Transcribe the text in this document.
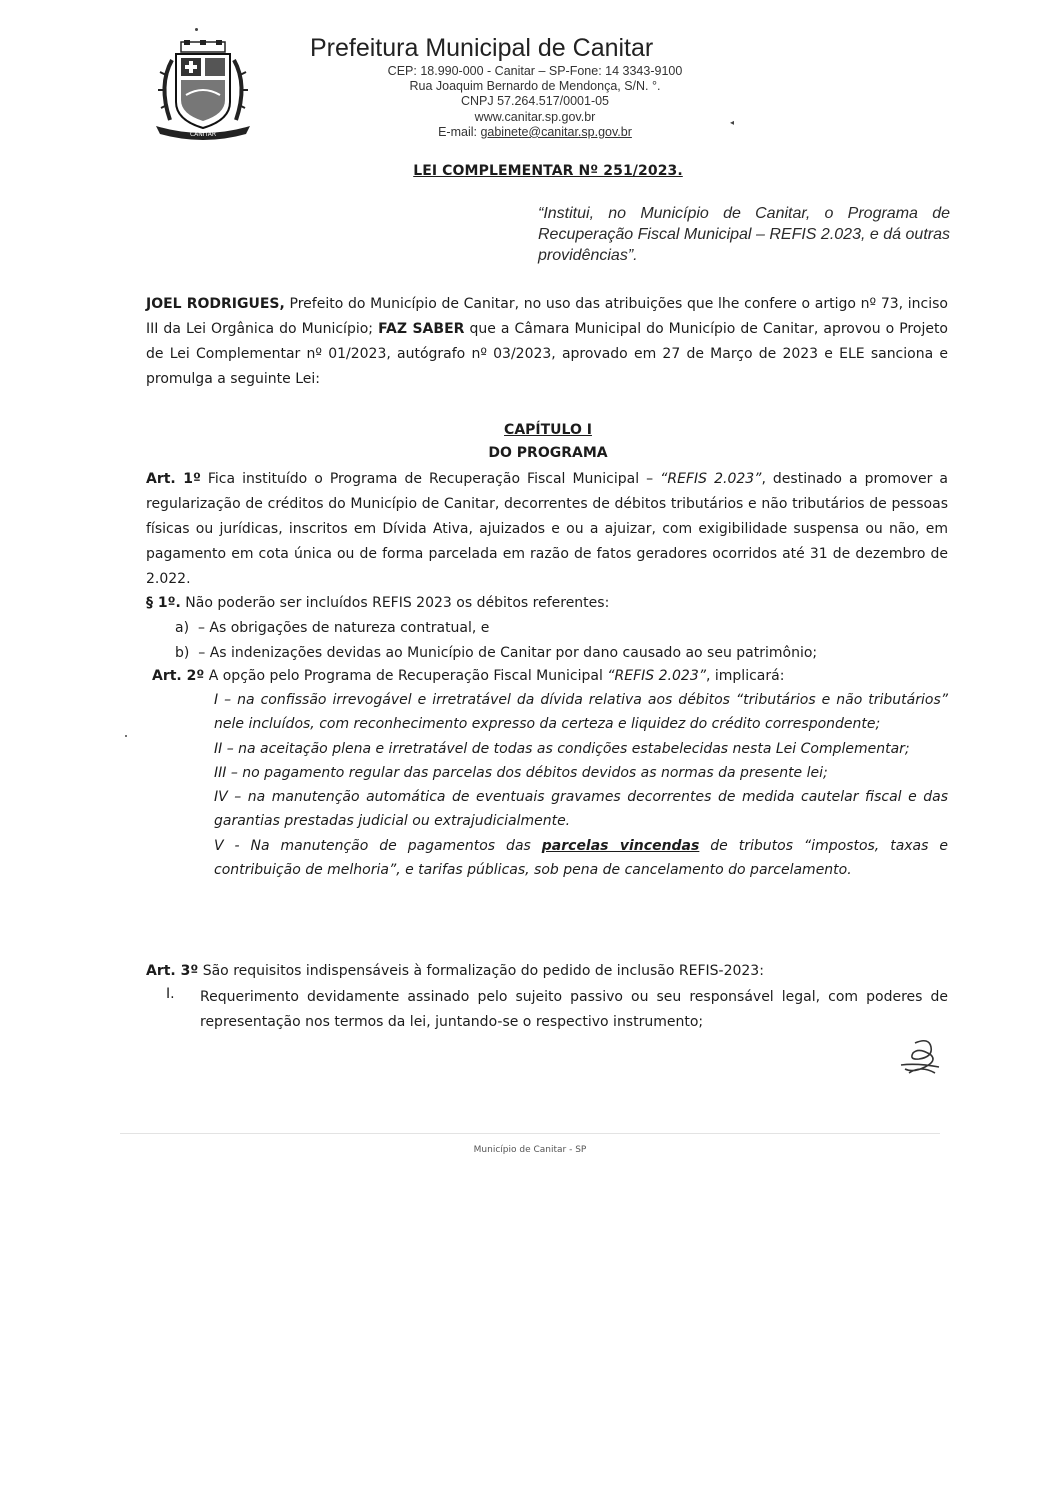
CANITAR
Prefeitura Municipal de Canitar
CEP: 18.990-000 - Canitar – SP-Fone: 14 3343-9100
Rua Joaquim Bernardo de Mendonça, S/N. °.
CNPJ 57.264.517/0001-05
www.canitar.sp.gov.br
E-mail: gabinete@canitar.sp.gov.br
◂
LEI COMPLEMENTAR Nº 251/2023.
“Institui, no Município de Canitar, o Programa de Recuperação Fiscal Municipal – REFIS 2.023, e dá outras providências”.
JOEL RODRIGUES, Prefeito do Município de Canitar, no uso das atribuições que lhe confere o artigo nº 73, inciso III da Lei Orgânica do Município; FAZ SABER que a Câmara Municipal do Município de Canitar, aprovou o Projeto de Lei Complementar nº 01/2023, autógrafo nº 03/2023, aprovado em 27 de Março de 2023 e ELE sanciona e promulga a seguinte Lei:
CAPÍTULO I
DO PROGRAMA
Art. 1º Fica instituído o Programa de Recuperação Fiscal Municipal – “REFIS 2.023”, destinado a promover a regularização de créditos do Município de Canitar, decorrentes de débitos tributários e não tributários de pessoas físicas ou jurídicas, inscritos em Dívida Ativa, ajuizados e ou a ajuizar, com exigibilidade suspensa ou não, em pagamento em cota única ou de forma parcelada em razão de fatos geradores ocorridos até 31 de dezembro de 2.022.
§ 1º. Não poderão ser incluídos REFIS 2023 os débitos referentes:
a) – As obrigações de natureza contratual, e
b) – As indenizações devidas ao Município de Canitar por dano causado ao seu patrimônio;
Art. 2º A opção pelo Programa de Recuperação Fiscal Municipal “REFIS 2.023”, implicará:

I – na confissão irrevogável e irretratável da dívida relativa aos débitos “tributários e não tributários” nele incluídos, com reconhecimento expresso da certeza e liquidez do crédito correspondente;

II – na aceitação plena e irretratável de todas as condições estabelecidas nesta Lei Complementar;

III – no pagamento regular das parcelas dos débitos devidos as normas da presente lei;

IV – na manutenção automática de eventuais gravames decorrentes de medida cautelar fiscal e das garantias prestadas judicial ou extrajudicialmente.

V - Na manutenção de pagamentos das parcelas vincendas de tributos “impostos, taxas e contribuição de melhoria”, e tarifas públicas, sob pena de cancelamento do parcelamento.

Art. 3º São requisitos indispensáveis à formalização do pedido de inclusão REFIS-2023:
I. Requerimento devidamente assinado pelo sujeito passivo ou seu responsável legal, com poderes de representação nos termos da lei, juntando-se o respectivo instrumento;
Município de Canitar - SP
